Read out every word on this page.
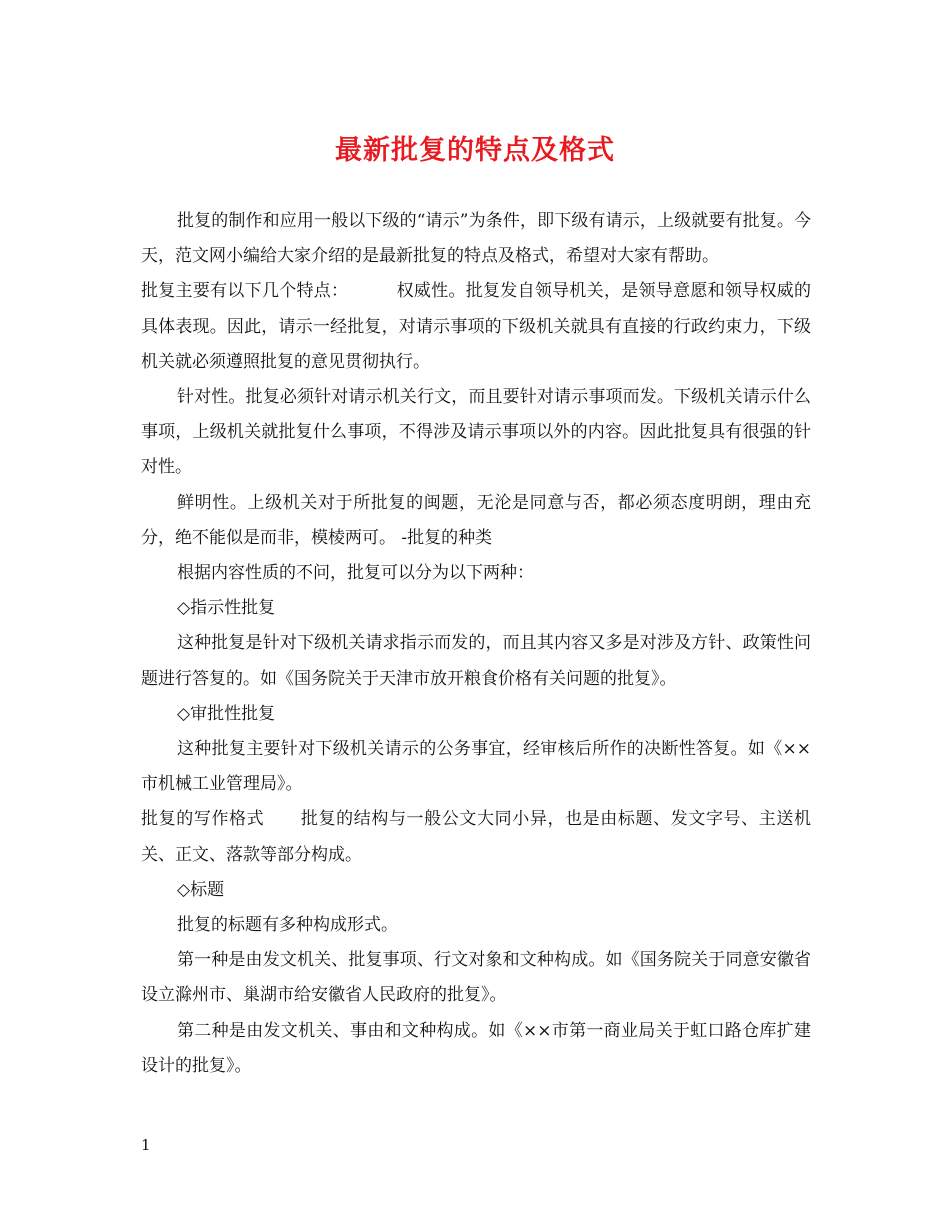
最新批复的特点及格式

批复的制作和应用一般以下级的“请示”为条件，即下级有请示，上级就要有批复。今天，范文网小编给大家介绍的是最新批复的特点及格式，希望对大家有帮助。

批复主要有以下几个特点：	权威性。批复发自领导机关，是领导意愿和领导权威的具体表现。因此，请示一经批复，对请示事项的下级机关就具有直接的行政约束力，下级机关就必须遵照批复的意见贯彻执行。

针对性。批复必须针对请示机关行文，而且要针对请示事项而发。下级机关请示什么事项，上级机关就批复什么事项，不得涉及请示事项以外的内容。因此批复具有很强的针对性。

鲜明性。上级机关对于所批复的闽题，无沦是同意与否，都必须态度明朗，理由充分，绝不能似是而非，模棱两可。 -批复的种类

根据内容性质的不问，批复可以分为以下两种：

◇指示性批复

这种批复是针对下级机关请求指示而发的，而且其内容又多是对涉及方针、政策性问题进行答复的。如《国务院关于天津市放开粮食价格有关问题的批复》。

◇审批性批复

这种批复主要针对下级机关请示的公务事宜，经审核后所作的决断性答复。如《××市机械工业管理局》。

批复的写作格式 批复的结构与一般公文大同小异，也是由标题、发文字号、主送机关、正文、落款等部分构成。

◇标题

批复的标题有多种构成形式。

第一种是由发文机关、批复事项、行文对象和文种构成。如《国务院关于同意安徽省设立滁州市、巢湖市给安徽省人民政府的批复》。

第二种是由发文机关、事由和文种构成。如《××市第一商业局关于虹口路仓库扩建设计的批复》。

1
